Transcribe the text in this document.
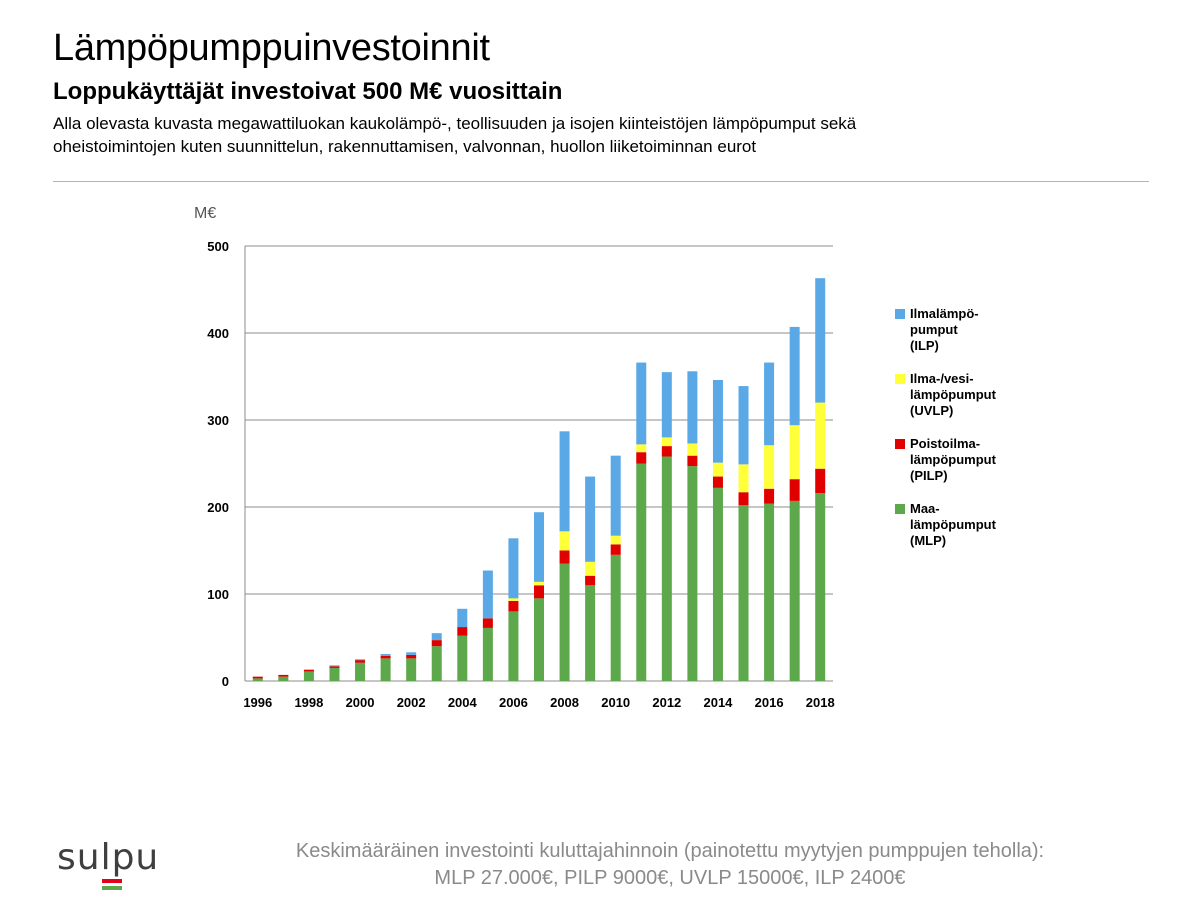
Lämpöpumppuinvestoinnit
Loppukäyttäjät investoivat 500 M€ vuosittain

Alla olevasta kuvasta megawattiluokan kaukolämpö-, teollisuuden ja isojen kiinteistöjen lämpöpumput sekä
oheistoimintojen kuten suunnittelun, rakennuttamisen, valvonnan, huollon liiketoiminnan eurot

M€
0
100
200
300
400
500
1996 1998 2000 2002 2004 2006 2008 2010 2012 2014 2016 2018
Ilmalämpö-
pumput
(ILP)
Ilma-/vesi-
lämpöpumput
(UVLP)
Poistoilma-
lämpöpumput
(PILP)
Maa-
lämpöpumput
(MLP)
sulpu	Keskimääräinen investointi kuluttajahinnoin (painotettu myytyjen pumppujen teholla):
MLP 27.000€, PILP 9000€, UVLP 15000€, ILP 2400€
